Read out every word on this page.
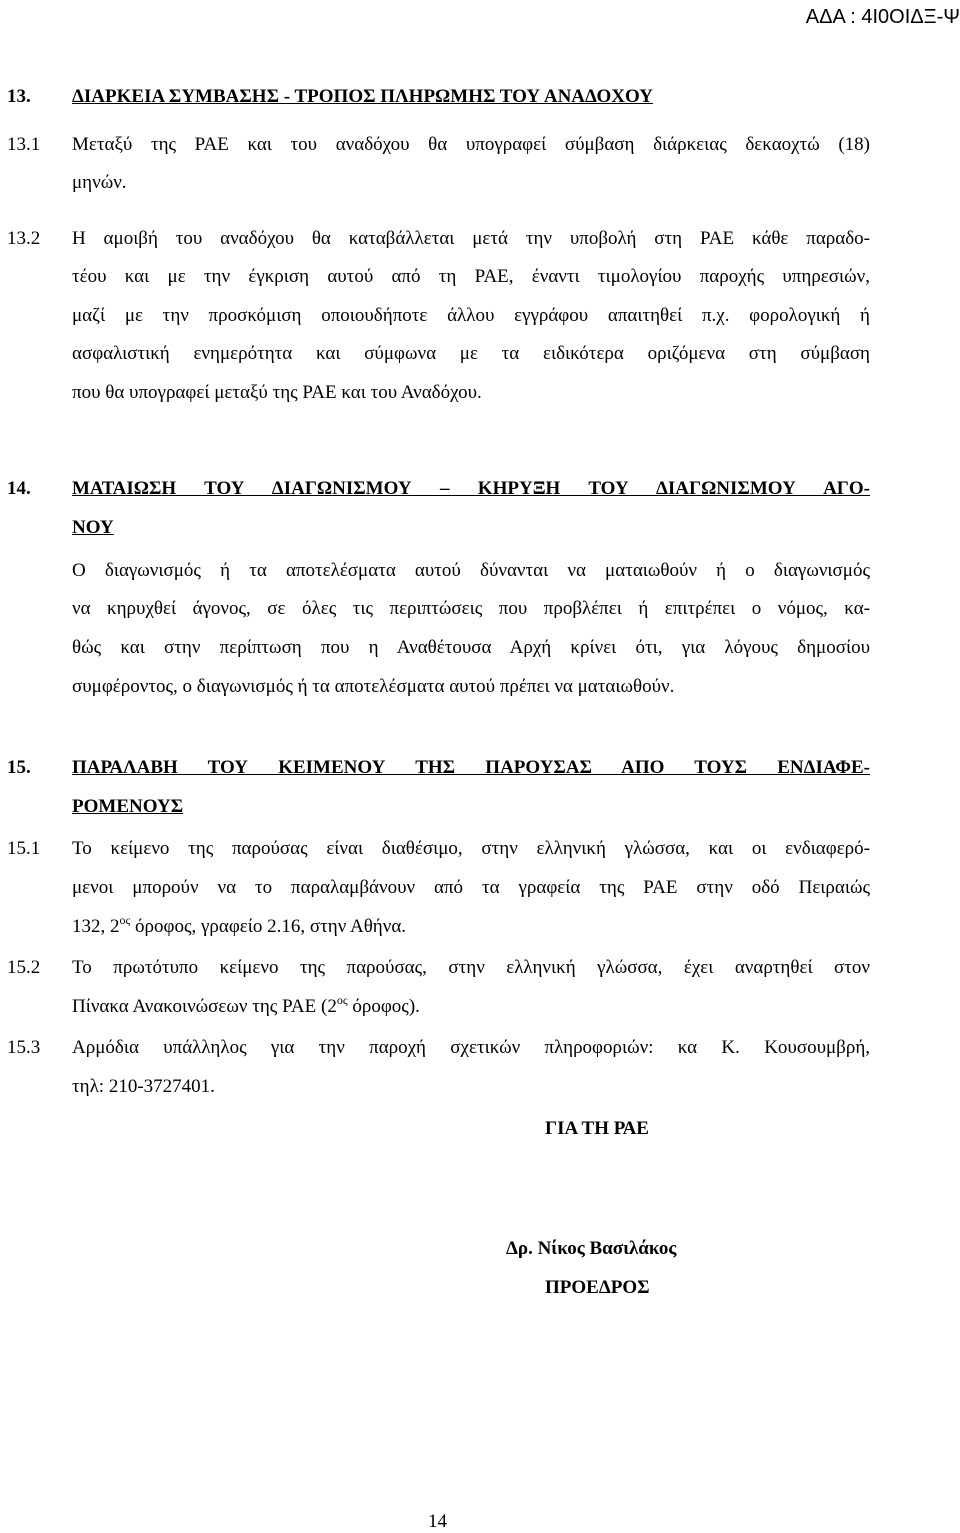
ΑΔΑ : 4Ι0ΟΙΔΞ-Ψ
13. ΔΙΑΡΚΕΙΑ ΣΥΜΒΑΣΗΣ - ΤΡΟΠΟΣ ΠΛΗΡΩΜΗΣ ΤΟΥ ΑΝΑΔΟΧΟΥ
13.1 Μεταξύ της ΡΑΕ και του αναδόχου θα υπογραφεί σύμβαση διάρκειας δεκαοχτώ (18)
μηνών.
13.2 Η αμοιβή του αναδόχου θα καταβάλλεται μετά την υποβολή στη ΡΑΕ κάθε παραδο-
τέου και με την έγκριση αυτού από τη ΡΑΕ, έναντι τιμολογίου παροχής υπηρεσιών,
μαζί με την προσκόμιση οποιουδήποτε άλλου εγγράφου απαιτηθεί π.χ. φορολογική ή
ασφαλιστική ενημερότητα και σύμφωνα με τα ειδικότερα οριζόμενα στη σύμβαση
που θα υπογραφεί μεταξύ της ΡΑΕ και του Αναδόχου.
14. ΜΑΤΑΙΩΣΗ ΤΟΥ ΔΙΑΓΩΝΙΣΜΟΥ – ΚΗΡΥΞΗ ΤΟΥ ΔΙΑΓΩΝΙΣΜΟΥ ΑΓΟ-
ΝΟΥ
Ο διαγωνισμός ή τα αποτελέσματα αυτού δύνανται να ματαιωθούν ή ο διαγωνισμός
να κηρυχθεί άγονος, σε όλες τις περιπτώσεις που προβλέπει ή επιτρέπει ο νόμος, κα-
θώς και στην περίπτωση που η Αναθέτουσα Αρχή κρίνει ότι, για λόγους δημοσίου
συμφέροντος, ο διαγωνισμός ή τα αποτελέσματα αυτού πρέπει να ματαιωθούν.
15. ΠΑΡΑΛΑΒΗ ΤΟΥ ΚΕΙΜΕΝΟΥ ΤΗΣ ΠΑΡΟΥΣΑΣ ΑΠΟ ΤΟΥΣ ΕΝΔΙΑΦΕ-
ΡΟΜΕΝΟΥΣ
15.1 Το κείμενο της παρούσας είναι διαθέσιμο, στην ελληνική γλώσσα, και οι ενδιαφερό-
μενοι μπορούν να το παραλαμβάνουν από τα γραφεία της ΡΑΕ στην οδό Πειραιώς
132, $2^{o\varsigma}$ όροφος, γραφείο 2.16, στην Αθήνα.
15.2 Το πρωτότυπο κείμενο της παρούσας, στην ελληνική γλώσσα, έχει αναρτηθεί στον
Πίνακα Ανακοινώσεων της ΡΑΕ ($2^{o\varsigma}$ όροφος).
15.3 Αρμόδια υπάλληλος για την παροχή σχετικών πληροφοριών: κα Κ. Κουσουμβρή,
τηλ: 210-3727401.
ΓΙΑ ΤΗ ΡΑΕ
Δρ. Νίκος Βασιλάκος
ΠΡΟΕΔΡΟΣ
14
